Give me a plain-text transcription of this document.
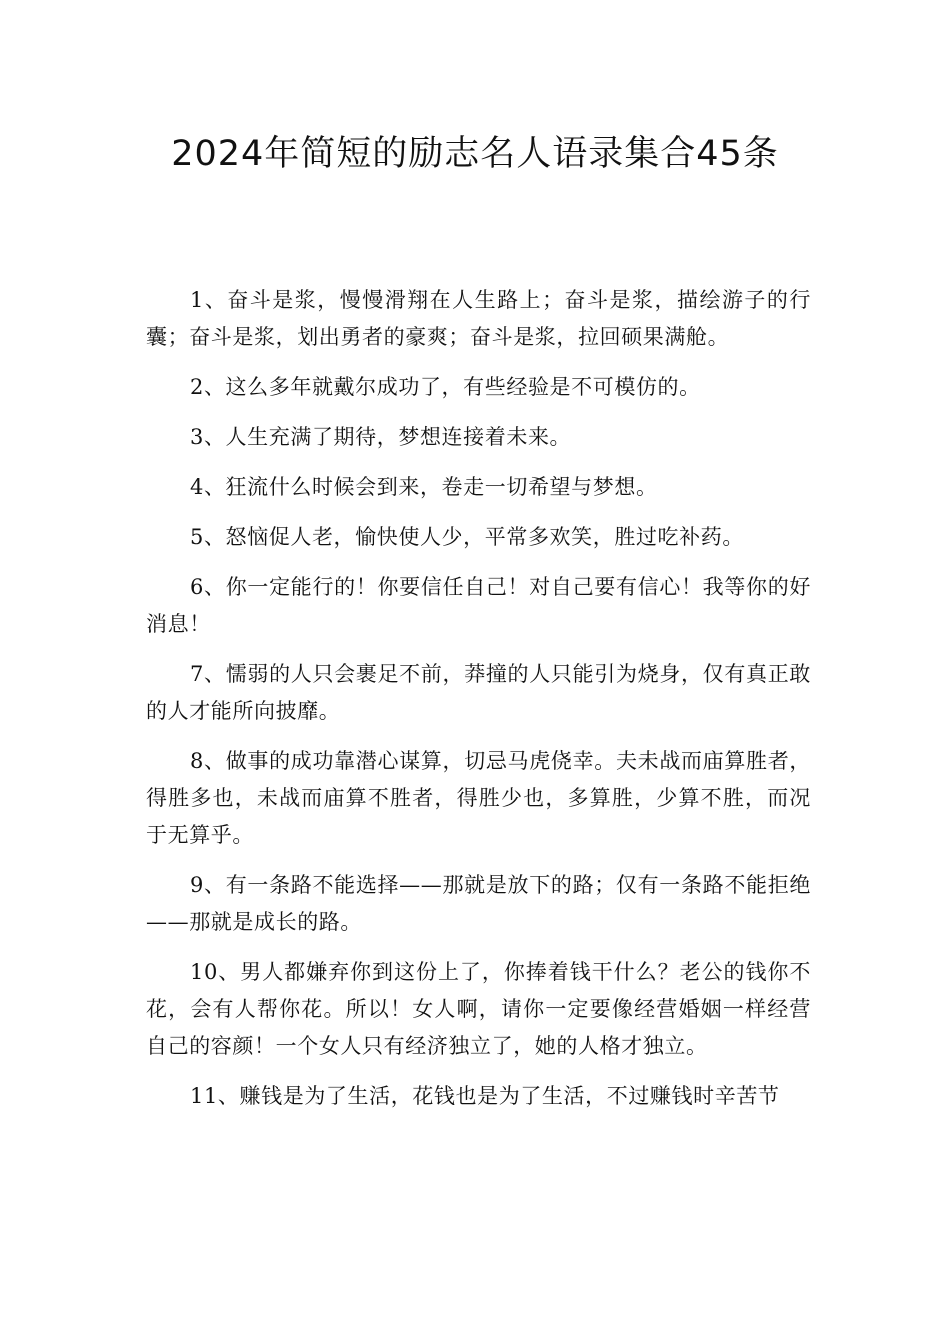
2024年简短的励志名人语录集合45条

1、奋斗是浆，慢慢滑翔在人生路上；奋斗是浆，描绘游子的行囊；奋斗是浆，划出勇者的豪爽；奋斗是浆，拉回硕果满舱。

2、这么多年就戴尔成功了，有些经验是不可模仿的。

3、人生充满了期待，梦想连接着未来。

4、狂流什么时候会到来，卷走一切希望与梦想。

5、怒恼促人老，愉快使人少，平常多欢笑，胜过吃补药。

6、你一定能行的！你要信任自己！对自己要有信心！我等你的好消息！

7、懦弱的人只会裹足不前，莽撞的人只能引为烧身，仅有真正敢的人才能所向披靡。

8、做事的成功靠潜心谋算，切忌马虎侥幸。夫未战而庙算胜者，得胜多也，未战而庙算不胜者，得胜少也，多算胜，少算不胜，而况于无算乎。

9、有一条路不能选择——那就是放下的路；仅有一条路不能拒绝——那就是成长的路。

10、男人都嫌弃你到这份上了，你捧着钱干什么？老公的钱你不花，会有人帮你花。所以！女人啊，请你一定要像经营婚姻一样经营自己的容颜！一个女人只有经济独立了，她的人格才独立。

11、赚钱是为了生活，花钱也是为了生活，不过赚钱时辛苦节
